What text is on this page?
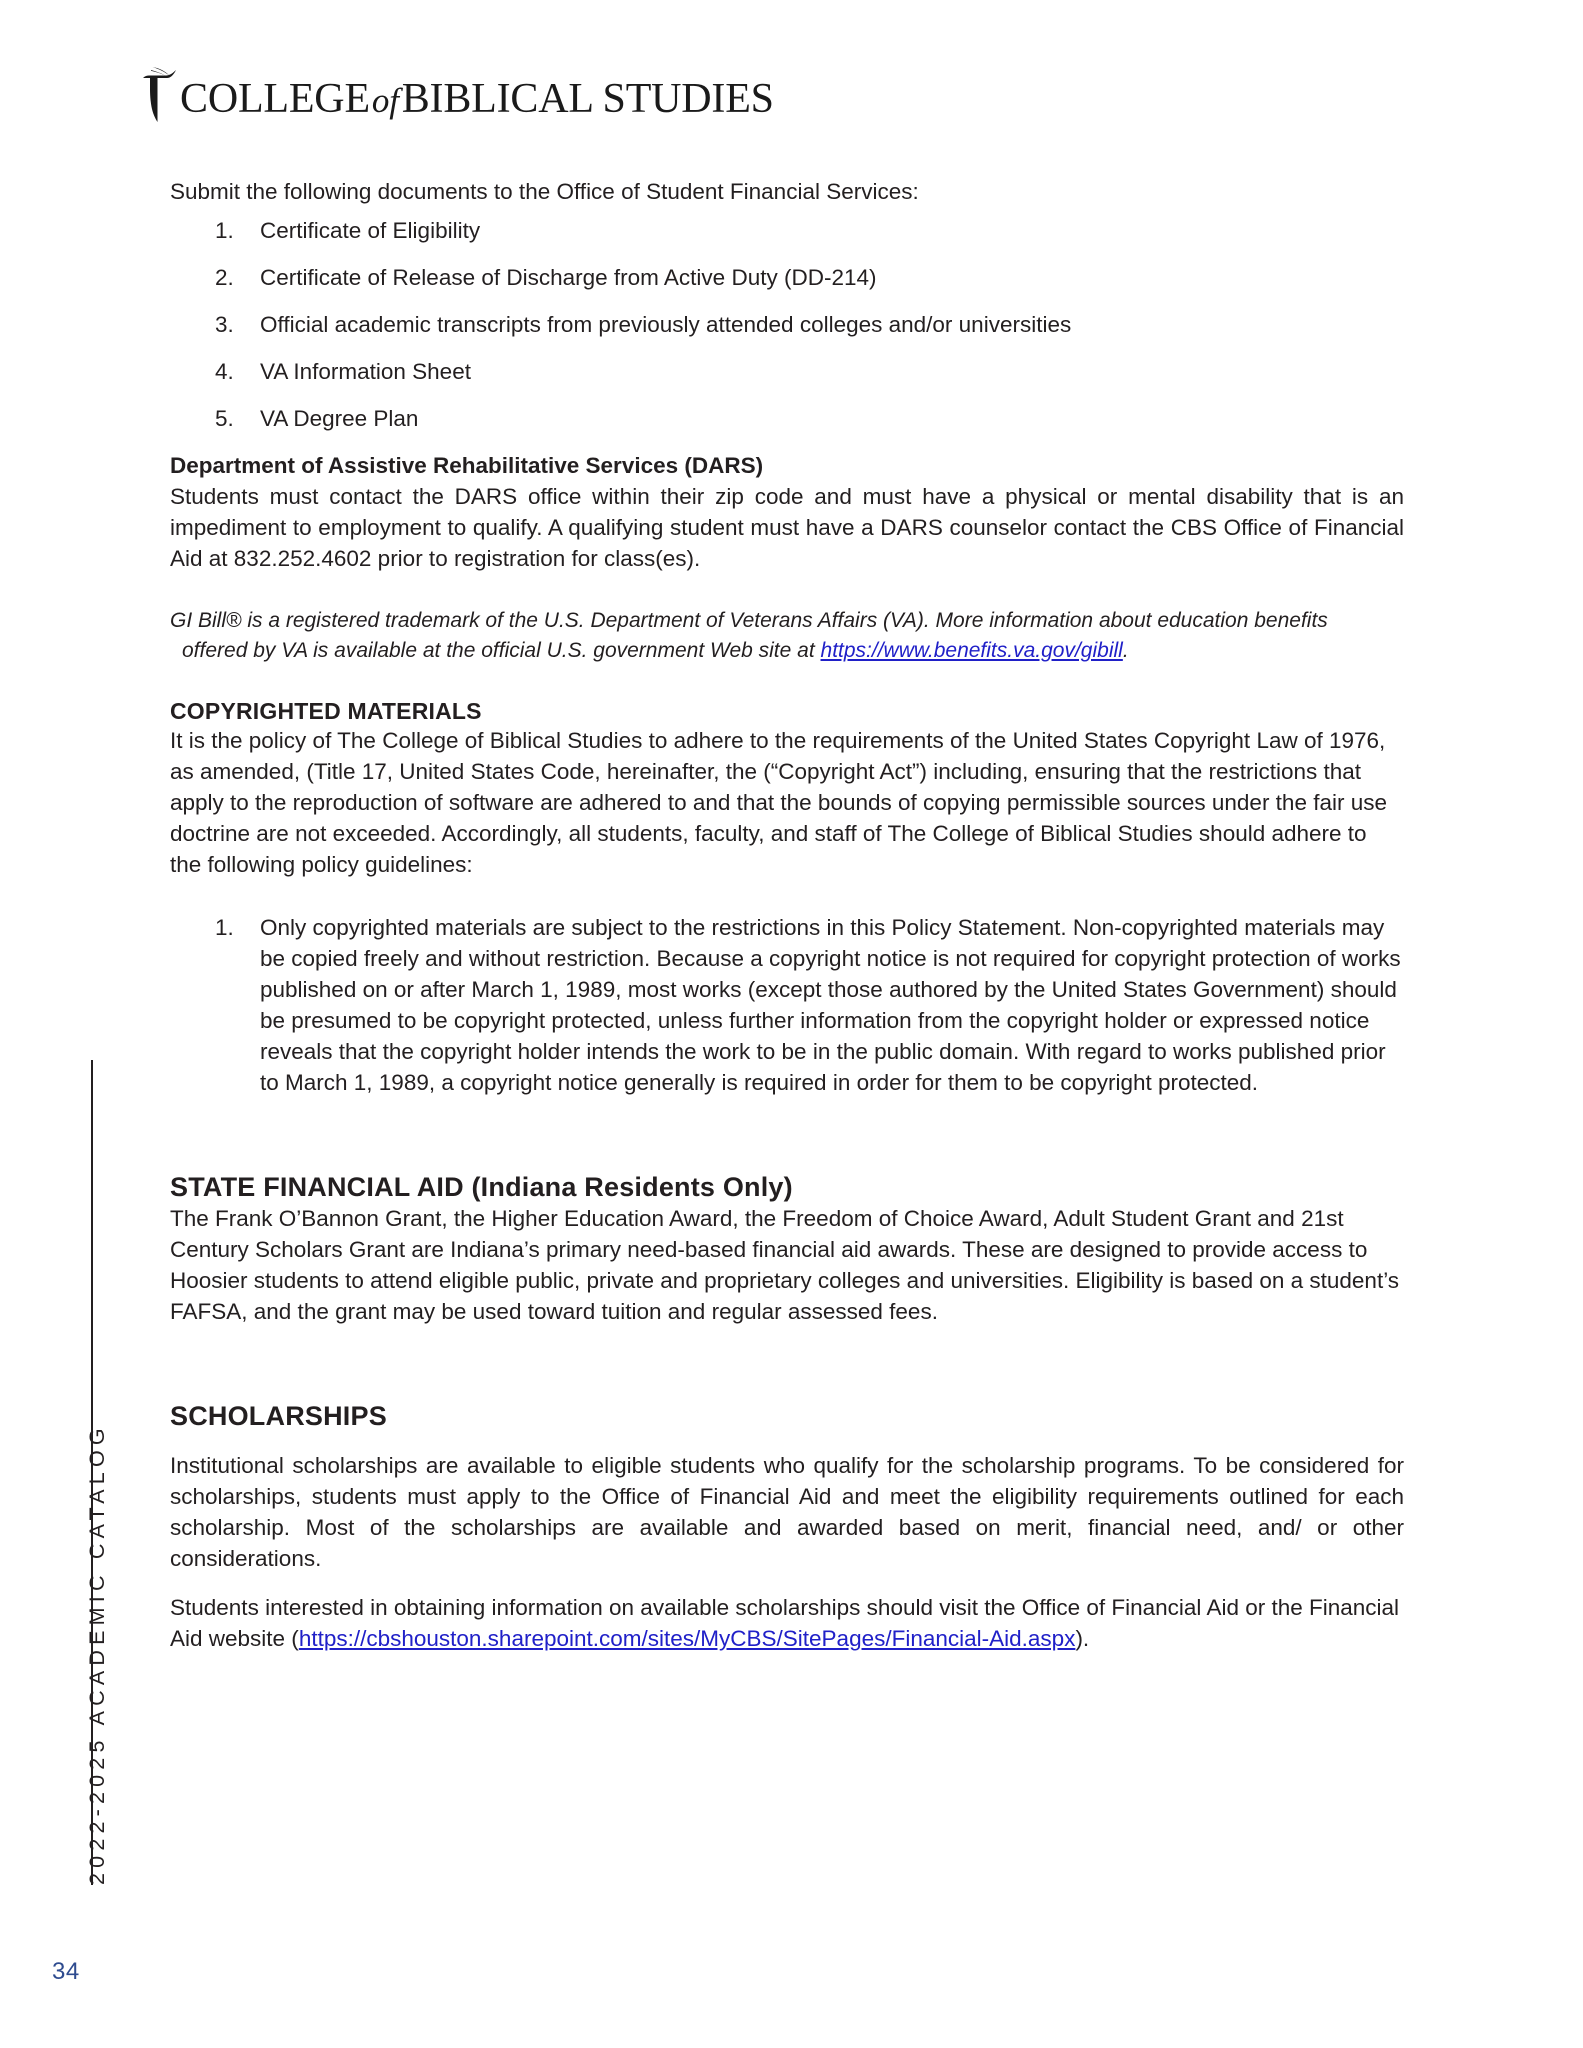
COLLEGEofBIBLICAL STUDIES
2022-2025 ACADEMIC CATALOG
34

Submit the following documents to the Office of Student Financial Services:

1.	Certificate of Eligibility
2.	Certificate of Release of Discharge from Active Duty (DD-214)
3.	Official academic transcripts from previously attended colleges and/or universities
4.	VA Information Sheet
5.	VA Degree Plan
Department of Assistive Rehabilitative Services (DARS)

Students must contact the DARS office within their zip code and must have a physical or mental disability that is an impediment to employment to qualify. A qualifying student must have a DARS counselor contact the CBS Office of Financial Aid at 832.252.4602 prior to registration for class(es).

GI Bill® is a registered trademark of the U.S. Department of Veterans Affairs (VA). More information about education benefits
offered by VA is available at the official U.S. government Web site at https://www.benefits.va.gov/gibill.
COPYRIGHTED MATERIALS

It is the policy of The College of Biblical Studies to adhere to the requirements of the United States Copyright Law of 1976, as amended, (Title 17, United States Code, hereinafter, the (“Copyright Act”) including, ensuring that the restrictions that apply to the reproduction of software are adhered to and that the bounds of copying permissible sources under the fair use doctrine are not exceeded. Accordingly, all students, faculty, and staff of The College of Biblical Studies should adhere to the following policy guidelines:

1.	Only copyrighted materials are subject to the restrictions in this Policy Statement. Non-copyrighted materials may be copied freely and without restriction. Because a copyright notice is not required for copyright protection of works published on or after March 1, 1989, most works (except those authored by the United States Government) should be presumed to be copyright protected, unless further information from the copyright holder or expressed notice reveals that the copyright holder intends the work to be in the public domain. With regard to works published prior to March 1, 1989, a copyright notice generally is required in order for them to be copyright protected.
STATE FINANCIAL AID (Indiana Residents Only)

The Frank O’Bannon Grant, the Higher Education Award, the Freedom of Choice Award, Adult Student Grant and 21st Century Scholars Grant are Indiana’s primary need-based financial aid awards. These are designed to provide access to Hoosier students to attend eligible public, private and proprietary colleges and universities. Eligibility is based on a student’s FAFSA, and the grant may be used toward tuition and regular assessed fees.

SCHOLARSHIPS

Institutional scholarships are available to eligible students who qualify for the scholarship programs. To be considered for scholarships, students must apply to the Office of Financial Aid and meet the eligibility requirements outlined for each scholarship. Most of the scholarships are available and awarded based on merit, financial need, and/ or other considerations.

Students interested in obtaining information on available scholarships should visit the Office of Financial Aid or the Financial Aid website (https://cbshouston.sharepoint.com/sites/MyCBS/SitePages/Financial-Aid.aspx).
